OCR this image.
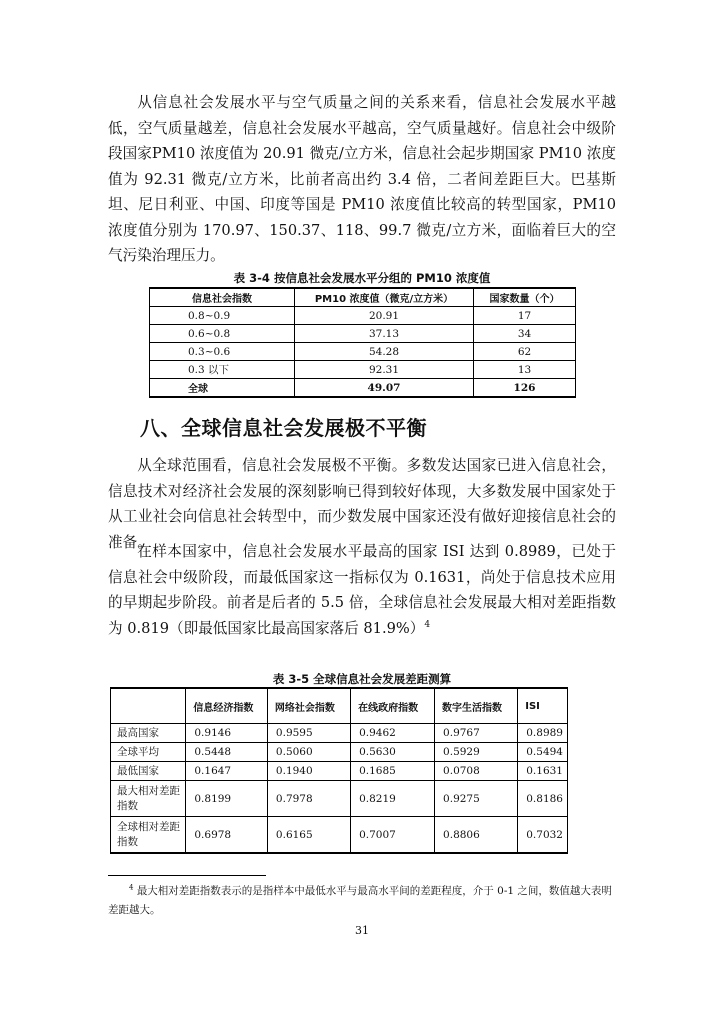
从信息社会发展水平与空气质量之间的关系来看，信息社会发展水平越低，空气质量越差，信息社会发展水平越高，空气质量越好。信息社会中级阶段国家PM10 浓度值为 20.91 微克/立方米，信息社会起步期国家 PM10 浓度值为 92.31 微克/立方米，比前者高出约 3.4 倍，二者间差距巨大。巴基斯坦、尼日利亚、中国、印度等国是 PM10 浓度值比较高的转型国家，PM10 浓度值分别为 170.97、150.37、118、99.7 微克/立方米，面临着巨大的空气污染治理压力。

表 3-4 按信息社会发展水平分组的 PM10 浓度值
信息社会指数	PM10 浓度值（微克/立方米）	国家数量（个）
0.8~0.9	20.91	17
0.6~0.8	37.13	34
0.3~0.6	54.28	62
0.3 以下	92.31	13
全球	49.07	126
八、全球信息社会发展极不平衡

从全球范围看，信息社会发展极不平衡。多数发达国家已进入信息社会，信息技术对经济社会发展的深刻影响已得到较好体现，大多数发展中国家处于从工业社会向信息社会转型中，而少数发展中国家还没有做好迎接信息社会的准备。

在样本国家中，信息社会发展水平最高的国家 ISI 达到 0.8989，已处于信息社会中级阶段，而最低国家这一指标仅为 0.1631，尚处于信息技术应用的早期起步阶段。前者是后者的 5.5 倍，全球信息社会发展最大相对差距指数为 0.819（即最低国家比最高国家落后 81.9%）$^4$

表 3-5 全球信息社会发展差距测算
	信息经济指数	网络社会指数	在线政府指数	数字生活指数	ISI
最高国家	0.9146	0.9595	0.9462	0.9767	0.8989
全球平均	0.5448	0.5060	0.5630	0.5929	0.5494
最低国家	0.1647	0.1940	0.1685	0.0708	0.1631
最大相对差距指数	0.8199	0.7978	0.8219	0.9275	0.8186
全球相对差距指数	0.6978	0.6165	0.7007	0.8806	0.7032

$^4$ 最大相对差距指数表示的是指样本中最低水平与最高水平间的差距程度，介于 0-1 之间，数值越大表明差距越大。

31
